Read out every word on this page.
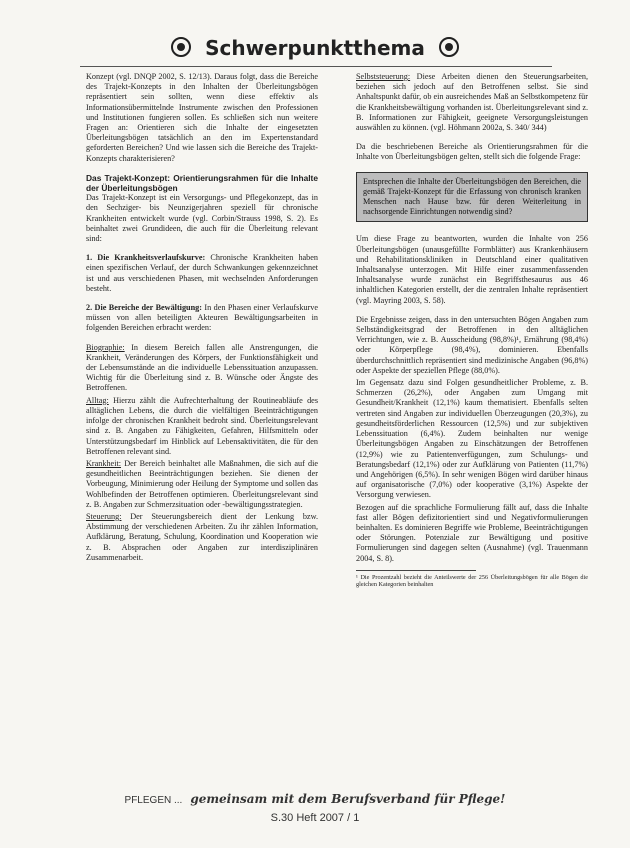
Schwerpunktthema

Konzept (vgl. DNQP 2002, S. 12/13). Daraus folgt, dass die Bereiche des Trajekt-Konzepts in den Inhalten der Überleitungsbögen repräsentiert sein sollten, wenn diese effektiv als Informationsübermittelnde Instrumente zwischen den Professionen und Institutionen fungieren sollen. Es schließen sich nun weitere Fragen an: Orientieren sich die Inhalte der eingesetzten Überleitungsbögen tatsächlich an den im Expertenstandard geforderten Bereichen? Und wie lassen sich die Bereiche des Trajekt-Konzepts charakterisieren?

Das Trajekt-Konzept: Orientierungsrahmen für die Inhalte der Überleitungsbögen

Das Trajekt-Konzept ist ein Versorgungs- und Pflegekonzept, das in den Sechziger- bis Neunzigerjahren speziell für chronische Krankheiten entwickelt wurde (vgl. Corbin/Strauss 1998, S. 2). Es beinhaltet zwei Grundideen, die auch für die Überleitung relevant sind:

1. Die Krankheitsverlaufskurve: Chronische Krankheiten haben einen spezifischen Verlauf, der durch Schwankungen gekennzeichnet ist und aus verschiedenen Phasen, mit wechselnden Anforderungen besteht.

2. Die Bereiche der Bewältigung: In den Phasen einer Verlaufskurve müssen von allen beteiligten Akteuren Bewältigungsarbeiten in folgenden Bereichen erbracht werden:

Biographie: In diesem Bereich fallen alle Anstrengungen, die Krankheit, Veränderungen des Körpers, der Funktionsfähigkeit und der Lebensumstände an die individuelle Lebenssituation anzupassen. Wichtig für die Überleitung sind z. B. Wünsche oder Ängste des Betroffenen.

Alltag: Hierzu zählt die Aufrechterhaltung der Routineabläufe des alltäglichen Lebens, die durch die vielfältigen Beeinträchtigungen infolge der chronischen Krankheit bedroht sind. Überleitungsrelevant sind z. B. Angaben zu Fähigkeiten, Gefahren, Hilfsmitteln oder Unterstützungsbedarf im Hinblick auf Lebensaktivitäten, die für den Betroffenen relevant sind.

Krankheit: Der Bereich beinhaltet alle Maßnahmen, die sich auf die gesundheitlichen Beeinträchtigungen beziehen. Sie dienen der Vorbeugung, Minimierung oder Heilung der Symptome und sollen das Wohlbefinden der Betroffenen optimieren. Überleitungsrelevant sind z. B. Angaben zur Schmerzsituation oder -bewältigungsstrategien.

Steuerung: Der Steuerungsbereich dient der Lenkung bzw. Abstimmung der verschiedenen Arbeiten. Zu ihr zählen Information, Aufklärung, Beratung, Schulung, Koordination und Kooperation wie z. B. Absprachen oder Angaben zur interdisziplinären Zusammenarbeit.

Selbststeuerung: Diese Arbeiten dienen den Steuerungsarbeiten, beziehen sich jedoch auf den Betroffenen selbst. Sie sind Anhaltspunkt dafür, ob ein ausreichendes Maß an Selbstkompetenz für die Krankheitsbewältigung vorhanden ist. Überleitungsrelevant sind z. B. Informationen zur Fähigkeit, geeignete Versorgungsleistungen auswählen zu können. (vgl. Höhmann 2002a, S. 340/ 344)

Da die beschriebenen Bereiche als Orientierungsrahmen für die Inhalte von Überleitungsbögen gelten, stellt sich die folgende Frage:

Entsprechen die Inhalte der Überleitungsbögen den Bereichen, die gemäß Trajekt-Konzept für die Erfassung von chronisch kranken Menschen nach Hause bzw. für deren Weiterleitung in nachsorgende Einrichtungen notwendig sind?

Um diese Frage zu beantworten, wurden die Inhalte von 256 Überleitungsbögen (unausgefüllte Formblätter) aus Krankenhäusern und Rehabilitationskliniken in Deutschland einer qualitativen Inhaltsanalyse unterzogen. Mit Hilfe einer zusammenfassenden Inhaltsanalyse wurde zunächst ein Begriffsthesaurus aus 46 inhaltlichen Kategorien erstellt, der die zentralen Inhalte repräsentiert (vgl. Mayring 2003, S. 58).

Die Ergebnisse zeigen, dass in den untersuchten Bögen Angaben zum Selbständigkeitsgrad der Betroffenen in den alltäglichen Verrichtungen, wie z. B. Ausscheidung (98,8%)¹, Ernährung (98,4%) oder Körperpflege (98,4%), dominieren. Ebenfalls überdurchschnittlich repräsentiert sind medizinische Angaben (96,8%) oder Aspekte der speziellen Pflege (88,0%).

Im Gegensatz dazu sind Folgen gesundheitlicher Probleme, z. B. Schmerzen (26,2%), oder Angaben zum Umgang mit Gesundheit/Krankheit (12,1%) kaum thematisiert. Ebenfalls selten vertreten sind Angaben zur individuellen Überzeugungen (20,3%), zu gesundheitsförderlichen Ressourcen (12,5%) und zur subjektiven Lebenssituation (6,4%). Zudem beinhalten nur wenige Überleitungsbögen Angaben zu Einschätzungen der Betroffenen (12,9%) wie zu Patientenverfügungen, zum Schulungs- und Beratungsbedarf (12,1%) oder zur Aufklärung von Patienten (11,7%) und Angehörigen (6,5%). In sehr wenigen Bögen wird darüber hinaus auf organisatorische (7,0%) oder kooperative (3,1%) Aspekte der Versorgung verwiesen.

Bezogen auf die sprachliche Formulierung fällt auf, dass die Inhalte fast aller Bögen defizitorientiert sind und Negativformulierungen beinhalten. Es dominieren Begriffe wie Probleme, Beeinträchtigungen oder Störungen. Potenziale zur Bewältigung und positive Formulierungen sind dagegen selten (Ausnahme) (vgl. Trauenmann 2004, S. 8).

¹ Die Prozentzahl bezieht die Anteilswerte der 256 Überleitungsbögen für alle Bögen die gleichen Kategorien beinhalten
PFLEGEN ... gemeinsam mit dem Berufsverband für Pflege!
S.30 Heft 2007 / 1
